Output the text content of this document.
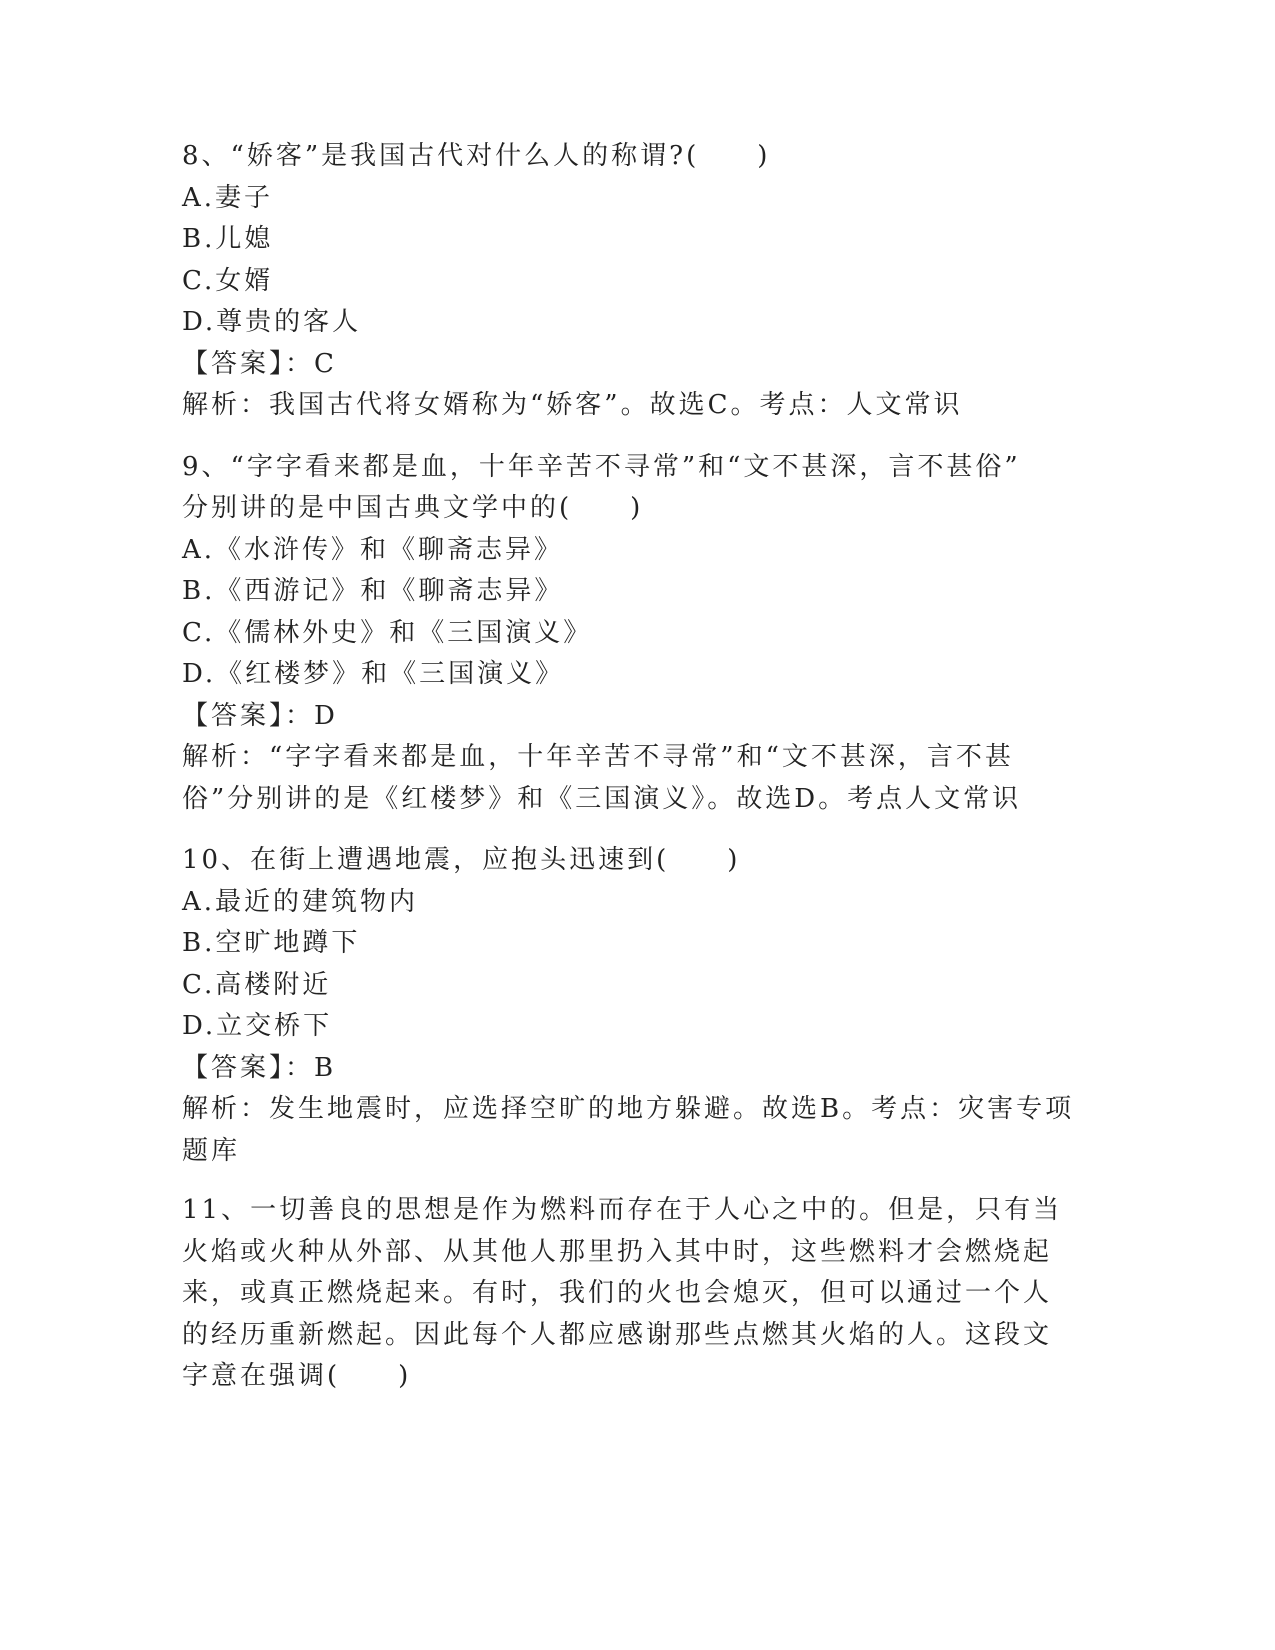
8、“娇客”是我国古代对什么人的称谓?(　　)
A.妻子
B.儿媳
C.女婿
D.尊贵的客人
【答案】：C
解析：我国古代将女婿称为“娇客”。故选C。考点：人文常识
9、“字字看来都是血，十年辛苦不寻常”和“文不甚深，言不甚俗”
分别讲的是中国古典文学中的(　　)
A.《水浒传》和《聊斋志异》
B.《西游记》和《聊斋志异》
C.《儒林外史》和《三国演义》
D.《红楼梦》和《三国演义》
【答案】：D
解析：“字字看来都是血，十年辛苦不寻常”和“文不甚深，言不甚
俗”分别讲的是《红楼梦》和《三国演义》。故选D。考点人文常识
10、在街上遭遇地震，应抱头迅速到(　　)
A.最近的建筑物内
B.空旷地蹲下
C.高楼附近
D.立交桥下
【答案】：B
解析：发生地震时，应选择空旷的地方躲避。故选B。考点：灾害专项
题库
11、一切善良的思想是作为燃料而存在于人心之中的。但是，只有当
火焰或火种从外部、从其他人那里扔入其中时，这些燃料才会燃烧起
来，或真正燃烧起来。有时，我们的火也会熄灭，但可以通过一个人
的经历重新燃起。因此每个人都应感谢那些点燃其火焰的人。这段文
字意在强调(　　)
